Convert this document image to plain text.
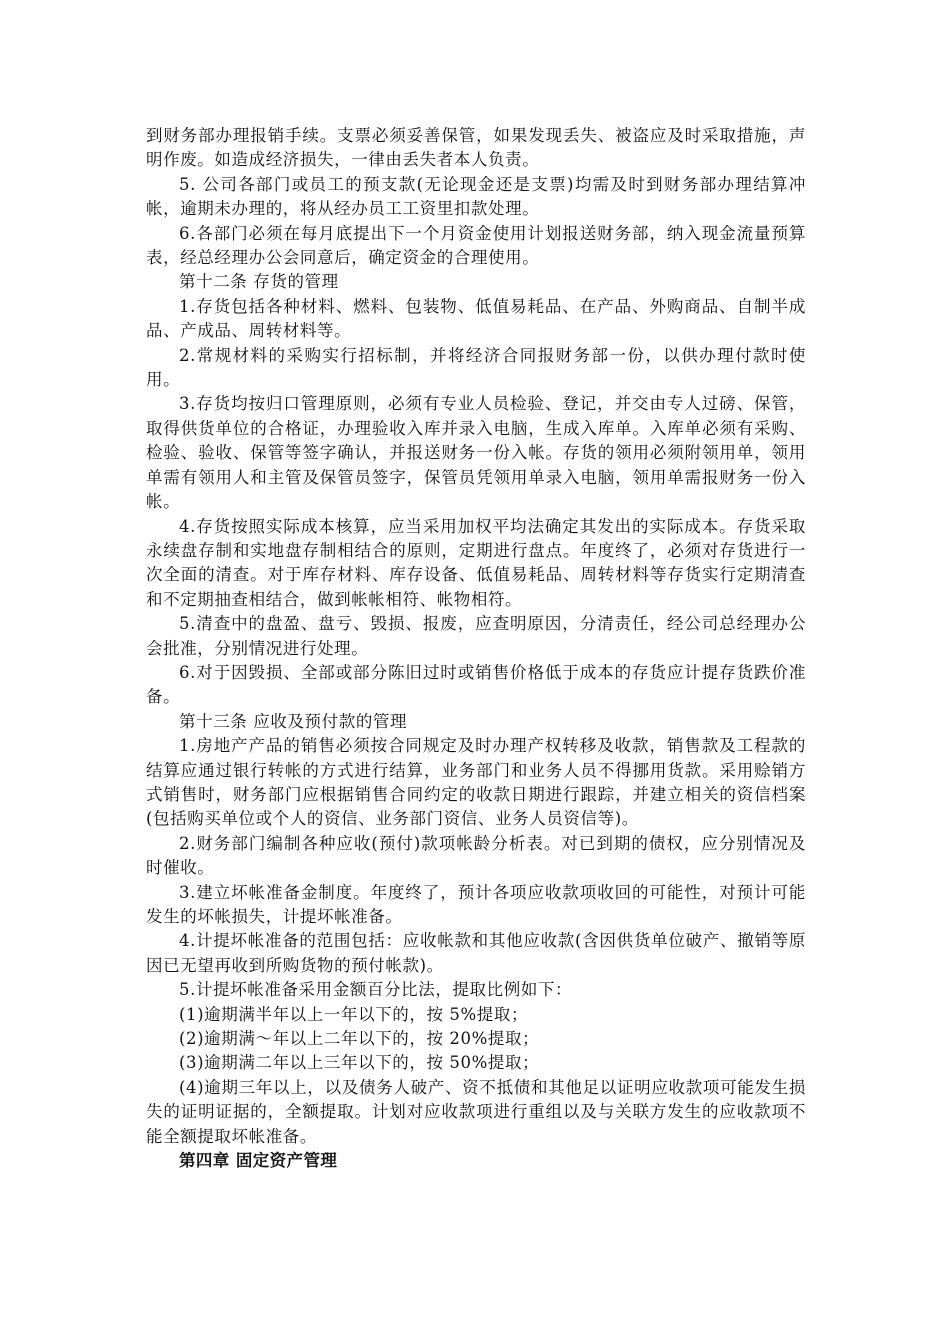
到财务部办理报销手续。支票必须妥善保管，如果发现丢失、被盗应及时采取措施，声明作废。如造成经济损失，一律由丢失者本人负责。

5. 公司各部门或员工的预支款(无论现金还是支票)均需及时到财务部办理结算冲帐，逾期未办理的，将从经办员工工资里扣款处理。

6.各部门必须在每月底提出下一个月资金使用计划报送财务部，纳入现金流量预算表，经总经理办公会同意后，确定资金的合理使用。

第十二条 存货的管理

1.存货包括各种材料、燃料、包装物、低值易耗品、在产品、外购商品、自制半成品、产成品、周转材料等。

2.常规材料的采购实行招标制，并将经济合同报财务部一份，以供办理付款时使用。

3.存货均按归口管理原则，必须有专业人员检验、登记，并交由专人过磅、保管，取得供货单位的合格证，办理验收入库并录入电脑，生成入库单。入库单必须有采购、检验、验收、保管等签字确认，并报送财务一份入帐。存货的领用必须附领用单，领用单需有领用人和主管及保管员签字，保管员凭领用单录入电脑，领用单需报财务一份入帐。

4.存货按照实际成本核算，应当采用加权平均法确定其发出的实际成本。存货采取永续盘存制和实地盘存制相结合的原则，定期进行盘点。年度终了，必须对存货进行一次全面的清查。对于库存材料、库存设备、低值易耗品、周转材料等存货实行定期清查和不定期抽查相结合，做到帐帐相符、帐物相符。

5.清查中的盘盈、盘亏、毁损、报废，应查明原因，分清责任，经公司总经理办公会批准，分别情况进行处理。

6.对于因毁损、全部或部分陈旧过时或销售价格低于成本的存货应计提存货跌价准备。

第十三条 应收及预付款的管理

1.房地产产品的销售必须按合同规定及时办理产权转移及收款，销售款及工程款的结算应通过银行转帐的方式进行结算，业务部门和业务人员不得挪用货款。采用赊销方式销售时，财务部门应根据销售合同约定的收款日期进行跟踪，并建立相关的资信档案(包括购买单位或个人的资信、业务部门资信、业务人员资信等)。

2.财务部门编制各种应收(预付)款项帐龄分析表。对已到期的债权，应分别情况及时催收。

3.建立坏帐准备金制度。年度终了，预计各项应收款项收回的可能性，对预计可能发生的坏帐损失，计提坏帐准备。

4.计提坏帐准备的范围包括：应收帐款和其他应收款(含因供货单位破产、撤销等原因已无望再收到所购货物的预付帐款)。

5.计提坏帐准备采用金额百分比法，提取比例如下：

(1)逾期满半年以上一年以下的，按 5%提取；

(2)逾期满～年以上二年以下的，按 20%提取；

(3)逾期满二年以上三年以下的，按 50%提取；

(4)逾期三年以上，以及债务人破产、资不抵债和其他足以证明应收款项可能发生损失的证明证据的，全额提取。计划对应收款项进行重组以及与关联方发生的应收款项不能全额提取坏帐准备。

第四章 固定资产管理
